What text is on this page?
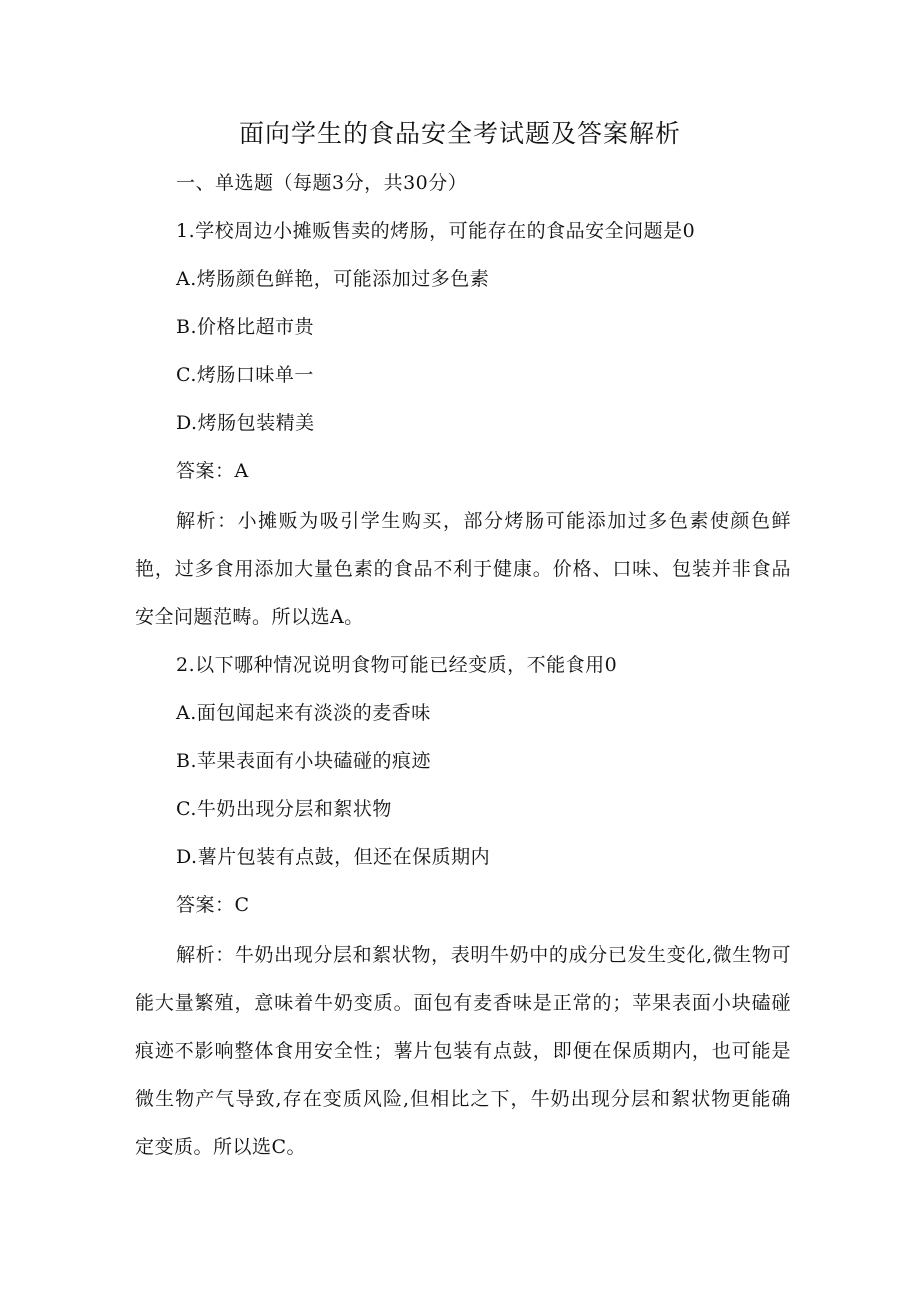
面向学生的食品安全考试题及答案解析
一、单选题（每题3分，共30分）
1.学校周边小摊贩售卖的烤肠，可能存在的食品安全问题是0
A.烤肠颜色鲜艳，可能添加过多色素
B.价格比超市贵
C.烤肠口味单一
D.烤肠包装精美
答案：A

解析：小摊贩为吸引学生购买，部分烤肠可能添加过多色素使颜色鲜艳，过多食用添加大量色素的食品不利于健康。价格、口味、包装并非食品安全问题范畴。所以选A。

2.以下哪种情况说明食物可能已经变质，不能食用0
A.面包闻起来有淡淡的麦香味
B.苹果表面有小块磕碰的痕迹
C.牛奶出现分层和絮状物
D.薯片包装有点鼓，但还在保质期内
答案：C

解析：牛奶出现分层和絮状物，表明牛奶中的成分已发生变化,微生物可能大量繁殖，意味着牛奶变质。面包有麦香味是正常的；苹果表面小块磕碰痕迹不影响整体食用安全性；薯片包装有点鼓，即便在保质期内，也可能是微生物产气导致,存在变质风险,但相比之下，牛奶出现分层和絮状物更能确定变质。所以选C。
